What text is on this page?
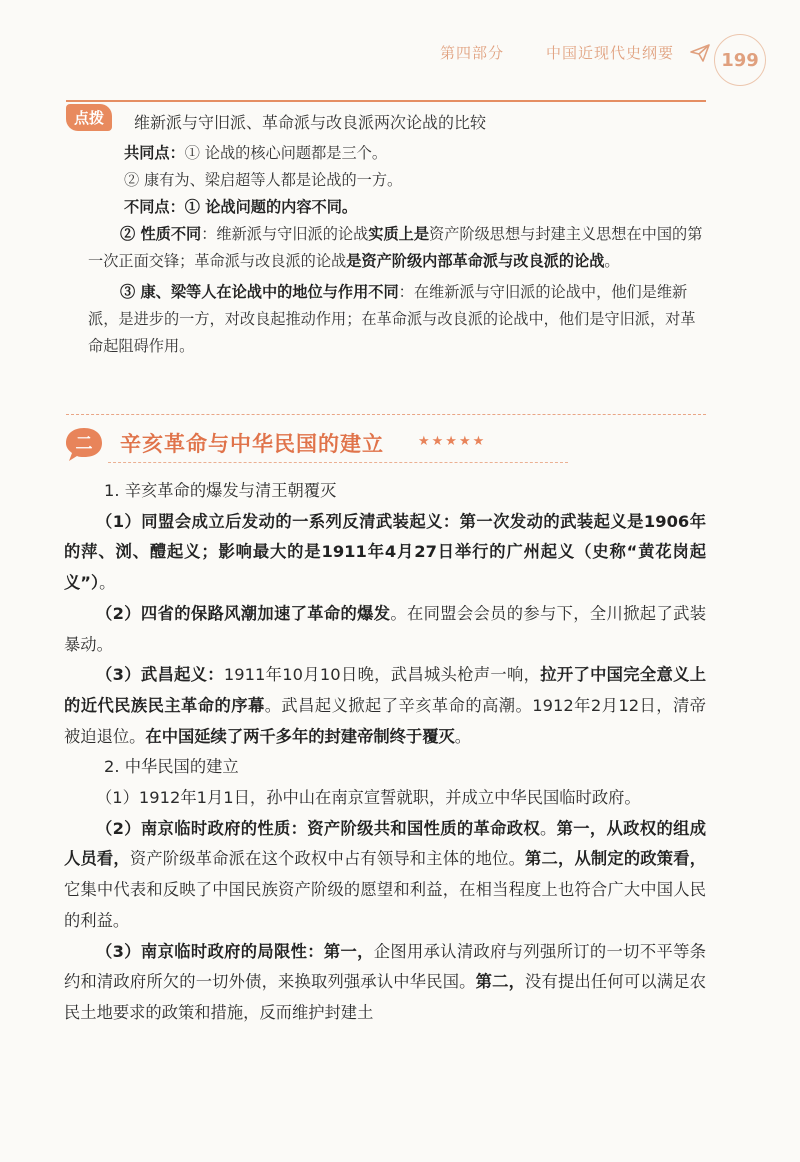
第四部分	中国近现代史纲要	199
点拨	维新派与守旧派、革命派与改良派两次论战的比较

共同点：① 论战的核心问题都是三个。

② 康有为、梁启超等人都是论战的一方。

不同点：① 论战问题的内容不同。

② 性质不同：维新派与守旧派的论战实质上是资产阶级思想与封建主义思想在中国的第一次正面交锋；革命派与改良派的论战是资产阶级内部革命派与改良派的论战。

③ 康、梁等人在论战中的地位与作用不同：在维新派与守旧派的论战中，他们是维新派，是进步的一方，对改良起推动作用；在革命派与改良派的论战中，他们是守旧派，对革命起阻碍作用。

二 辛亥革命与中华民国的建立	★★★★★

1. 辛亥革命的爆发与清王朝覆灭

（1）同盟会成立后发动的一系列反清武装起义：第一次发动的武装起义是1906年的萍、浏、醴起义；影响最大的是1911年4月27日举行的广州起义（史称“黄花岗起义”）。

（2）四省的保路风潮加速了革命的爆发。在同盟会会员的参与下，全川掀起了武装暴动。

（3）武昌起义：1911年10月10日晚，武昌城头枪声一响，拉开了中国完全意义上的近代民族民主革命的序幕。武昌起义掀起了辛亥革命的高潮。1912年2月12日，清帝被迫退位。在中国延续了两千多年的封建帝制终于覆灭。

2. 中华民国的建立

（1）1912年1月1日，孙中山在南京宣誓就职，并成立中华民国临时政府。

（2）南京临时政府的性质：资产阶级共和国性质的革命政权。第一，从政权的组成人员看，资产阶级革命派在这个政权中占有领导和主体的地位。第二，从制定的政策看，它集中代表和反映了中国民族资产阶级的愿望和利益，在相当程度上也符合广大中国人民的利益。

（3）南京临时政府的局限性：第一，企图用承认清政府与列强所订的一切不平等条约和清政府所欠的一切外债，来换取列强承认中华民国。第二，没有提出任何可以满足农民土地要求的政策和措施，反而维护封建土
